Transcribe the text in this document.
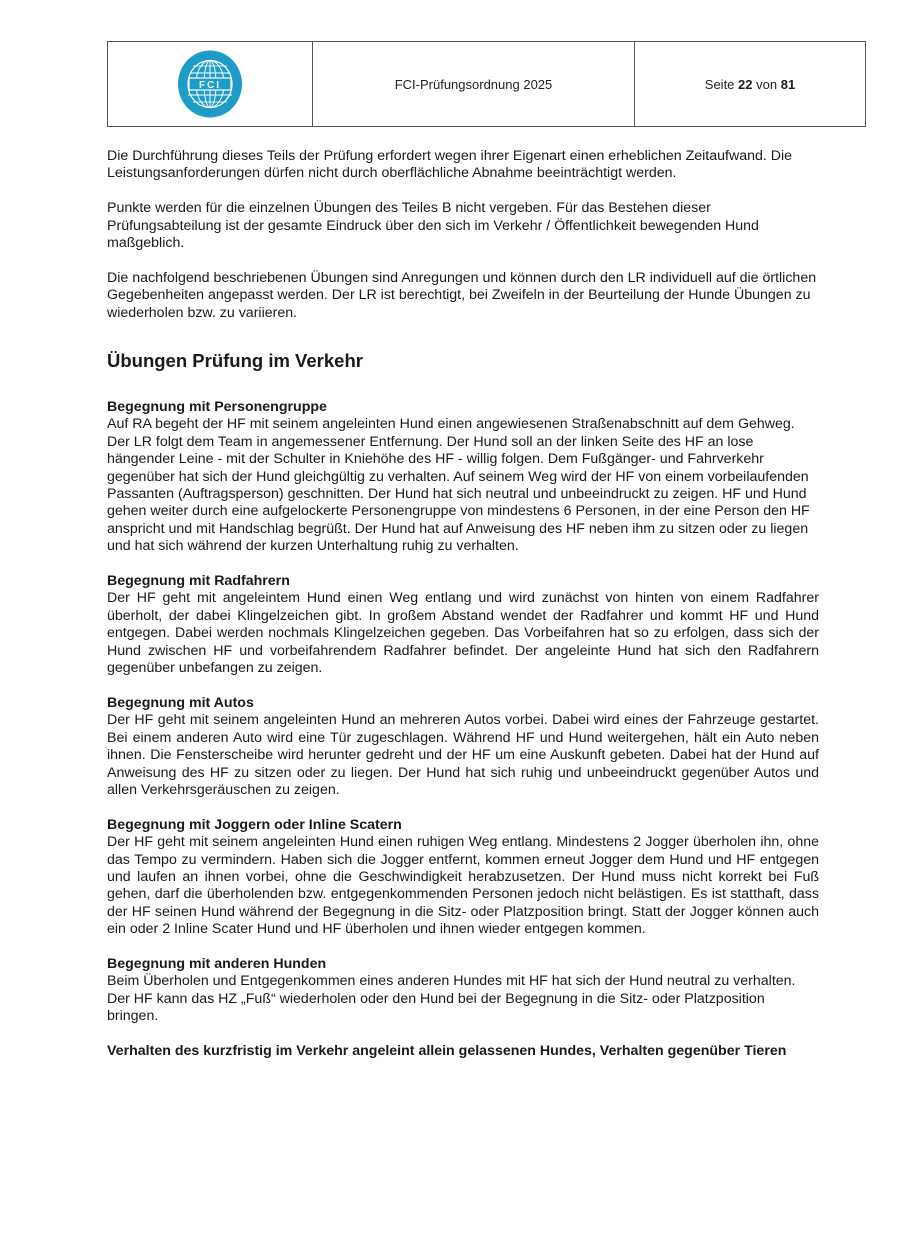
FCI	FCI-Prüfungsordnung 2025	Seite
22
von
81

Die Durchführung dieses Teils der Prüfung erfordert wegen ihrer Eigenart einen erheblichen Zeitaufwand. Die Leistungsanforderungen dürfen nicht durch oberflächliche Abnahme beeinträchtigt werden.

Punkte werden für die einzelnen Übungen des Teiles B nicht vergeben. Für das Bestehen dieser Prüfungsabteilung ist der gesamte Eindruck über den sich im Verkehr / Öffentlichkeit bewegenden Hund maßgeblich.

Die nachfolgend beschriebenen Übungen sind Anregungen und können durch den LR individuell auf die örtlichen Gegebenheiten angepasst werden. Der LR ist berechtigt, bei Zweifeln in der Beurteilung der Hunde Übungen zu wiederholen bzw. zu variieren.

Übungen Prüfung im Verkehr

Begegnung mit Personengruppe

Auf RA begeht der HF mit seinem angeleinten Hund einen angewiesenen Straßenabschnitt auf dem Gehweg. Der LR folgt dem Team in angemessener Entfernung. Der Hund soll an der linken Seite des HF an lose hängender Leine - mit der Schulter in Kniehöhe des HF - willig folgen. Dem Fußgänger- und Fahrverkehr gegenüber hat sich der Hund gleichgültig zu verhalten. Auf seinem Weg wird der HF von einem vorbeilaufenden Passanten (Auftragsperson) geschnitten. Der Hund hat sich neutral und unbeeindruckt zu zeigen. HF und Hund gehen weiter durch eine aufgelockerte Personengruppe von mindestens 6 Personen, in der eine Person den HF anspricht und mit Handschlag begrüßt. Der Hund hat auf Anweisung des HF neben ihm zu sitzen oder zu liegen und hat sich während der kurzen Unterhaltung ruhig zu verhalten.

Begegnung mit Radfahrern

Der HF geht mit angeleintem Hund einen Weg entlang und wird zunächst von hinten von einem Radfahrer überholt, der dabei Klingelzeichen gibt. In großem Abstand wendet der Radfahrer und kommt HF und Hund entgegen. Dabei werden nochmals Klingelzeichen gegeben. Das Vorbeifahren hat so zu erfolgen, dass sich der Hund zwischen HF und vorbeifahrendem Radfahrer befindet. Der angeleinte Hund hat sich den Radfahrern gegenüber unbefangen zu zeigen.

Begegnung mit Autos

Der HF geht mit seinem angeleinten Hund an mehreren Autos vorbei. Dabei wird eines der Fahrzeuge gestartet. Bei einem anderen Auto wird eine Tür zugeschlagen. Während HF und Hund weitergehen, hält ein Auto neben ihnen. Die Fensterscheibe wird herunter gedreht und der HF um eine Auskunft gebeten. Dabei hat der Hund auf Anweisung des HF zu sitzen oder zu liegen. Der Hund hat sich ruhig und unbeeindruckt gegenüber Autos und allen Verkehrsgeräuschen zu zeigen.

Begegnung mit Joggern oder Inline Scatern

Der HF geht mit seinem angeleinten Hund einen ruhigen Weg entlang. Mindestens 2 Jogger überholen ihn, ohne das Tempo zu vermindern. Haben sich die Jogger entfernt, kommen erneut Jogger dem Hund und HF entgegen und laufen an ihnen vorbei, ohne die Geschwindigkeit herabzusetzen. Der Hund muss nicht korrekt bei Fuß gehen, darf die überholenden bzw. entgegenkommenden Personen jedoch nicht belästigen. Es ist statthaft, dass der HF seinen Hund während der Begegnung in die Sitz- oder Platzposition bringt. Statt der Jogger können auch ein oder 2 Inline Scater Hund und HF überholen und ihnen wieder entgegen kommen.

Begegnung mit anderen Hunden

Beim Überholen und Entgegenkommen eines anderen Hundes mit HF hat sich der Hund neutral zu verhalten. Der HF kann das HZ „Fuß“ wiederholen oder den Hund bei der Begegnung in die Sitz- oder Platzposition bringen.

Verhalten des kurzfristig im Verkehr angeleint allein gelassenen Hundes, Verhalten gegenüber Tieren
